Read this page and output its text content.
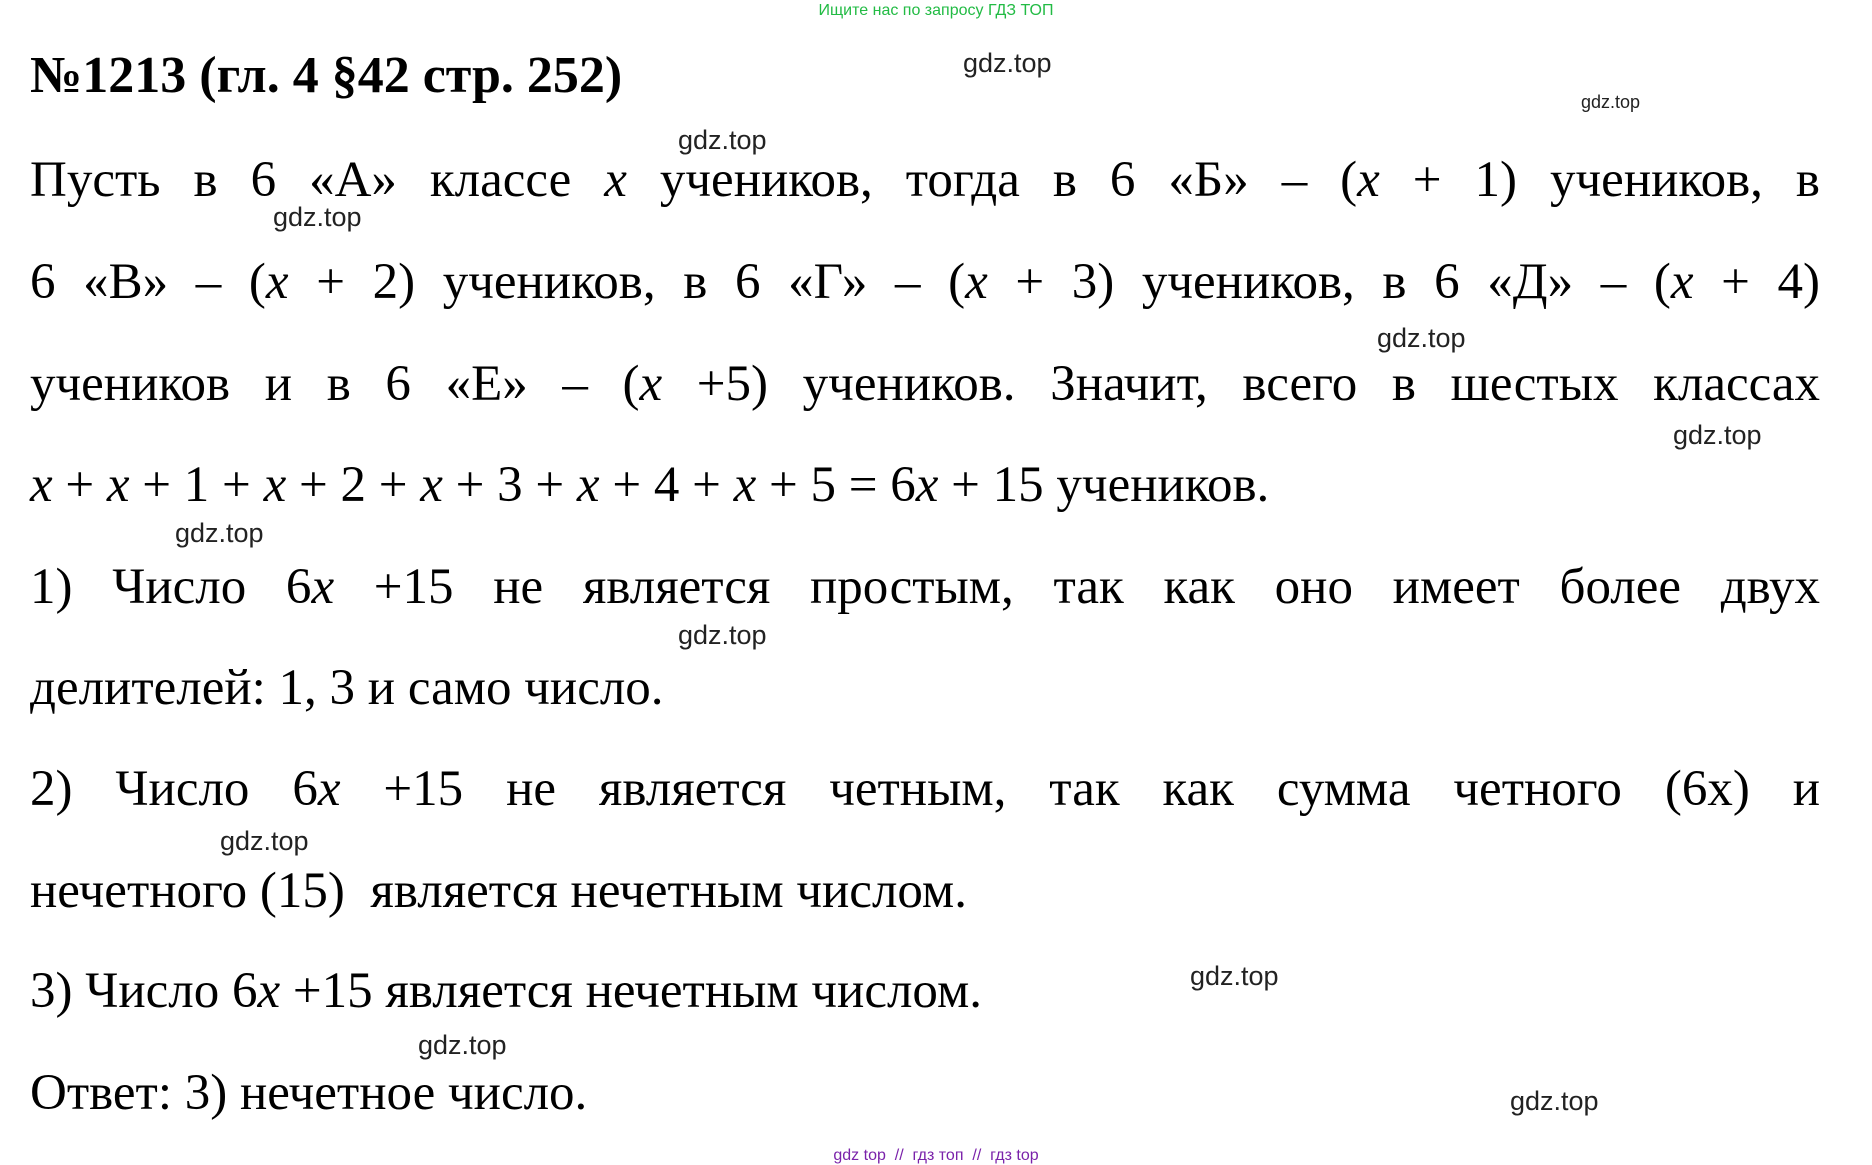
Ищите нас по запросу ГДЗ ТОП
№1213 (гл. 4 §42 стр. 252)
Пусть в 6 «А» классе x учеников, тогда в 6 «Б» – (x + 1) учеников, в
6 «В» – (x + 2) учеников, в 6 «Г» – (x + 3) учеников, в 6 «Д» – (x + 4)
учеников и в 6 «Е» – (x +5) учеников. Значит, всего в шестых классах
x + x + 1 + x + 2 + x + 3 + x + 4 + x + 5 = 6x + 15 учеников.
1) Число 6x +15 не является простым, так как оно имеет более двух
делителей: 1, 3 и само число.
2) Число 6x +15 не является четным, так как сумма четного (6x) и
нечетного (15)  является нечетным числом.
3) Число 6x +15 является нечетным числом.
Ответ: 3) нечетное число.
gdz.top
gdz.top
gdz.top
gdz.top
gdz.top
gdz.top
gdz.top
gdz.top
gdz.top
gdz.top
gdz.top
gdz.top
gdz top  //  гдз топ  //  гдз top
